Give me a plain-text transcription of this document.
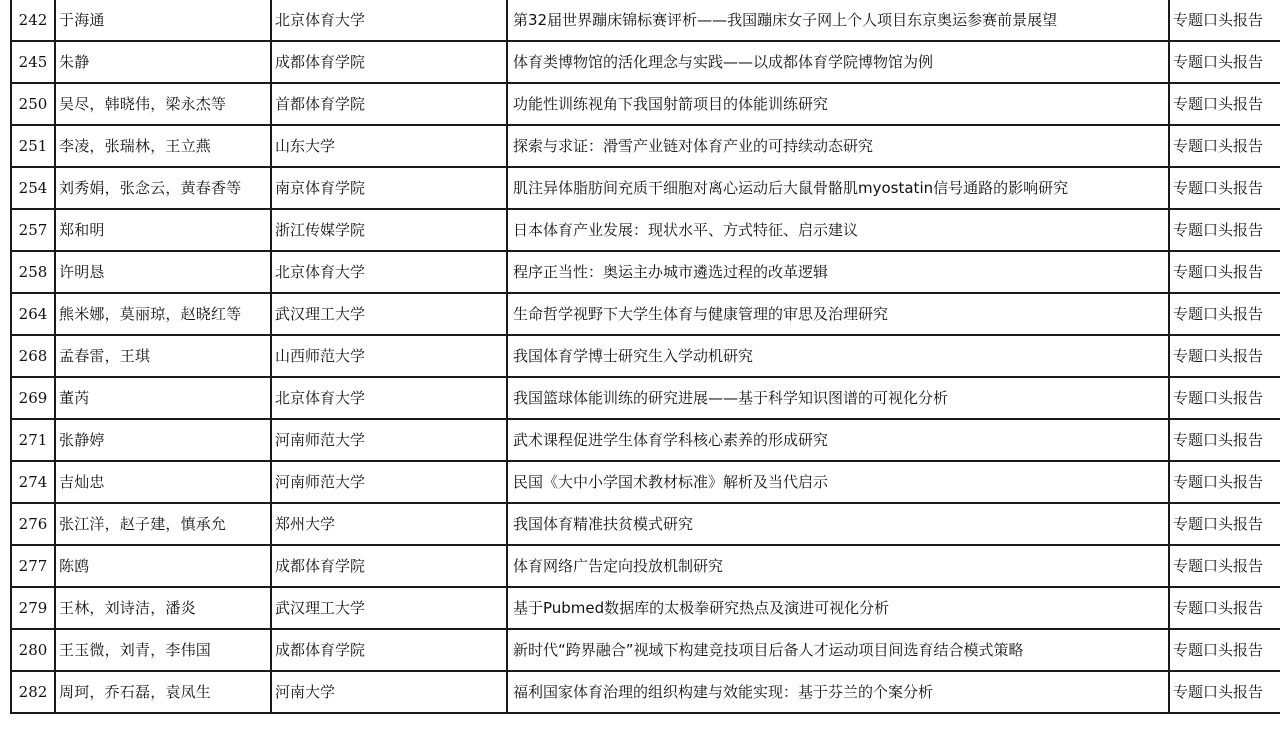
242	于海通	北京体育大学	第32届世界蹦床锦标赛评析——我国蹦床女子网上个人项目东京奥运参赛前景展望	专题口头报告
245	朱静	成都体育学院	体育类博物馆的活化理念与实践——以成都体育学院博物馆为例	专题口头报告
250	吴尽，韩晓伟，梁永杰等	首都体育学院	功能性训练视角下我国射箭项目的体能训练研究	专题口头报告
251	李凌，张瑞林，王立燕	山东大学	探索与求证：滑雪产业链对体育产业的可持续动态研究	专题口头报告
254	刘秀娟，张念云，黄春香等	南京体育学院	肌注异体脂肪间充质干细胞对离心运动后大鼠骨骼肌myostatin信号通路的影响研究	专题口头报告
257	郑和明	浙江传媒学院	日本体育产业发展：现状水平、方式特征、启示建议	专题口头报告
258	许明恳	北京体育大学	程序正当性：奥运主办城市遴选过程的改革逻辑	专题口头报告
264	熊米娜，莫丽琼，赵晓红等	武汉理工大学	生命哲学视野下大学生体育与健康管理的审思及治理研究	专题口头报告
268	孟春雷，王琪	山西师范大学	我国体育学博士研究生入学动机研究	专题口头报告
269	董芮	北京体育大学	我国篮球体能训练的研究进展——基于科学知识图谱的可视化分析	专题口头报告
271	张静婷	河南师范大学	武术课程促进学生体育学科核心素养的形成研究	专题口头报告
274	吉灿忠	河南师范大学	民国《大中小学国术教材标准》解析及当代启示	专题口头报告
276	张江洋，赵子建，慎承允	郑州大学	我国体育精准扶贫模式研究	专题口头报告
277	陈鸥	成都体育学院	体育网络广告定向投放机制研究	专题口头报告
279	王林，刘诗洁，潘炎	武汉理工大学	基于Pubmed数据库的太极拳研究热点及演进可视化分析	专题口头报告
280	王玉微，刘青，李伟国	成都体育学院	新时代“跨界融合”视域下构建竞技项目后备人才运动项目间选育结合模式策略	专题口头报告
282	周珂，乔石磊，袁凤生	河南大学	福利国家体育治理的组织构建与效能实现：基于芬兰的个案分析	专题口头报告
